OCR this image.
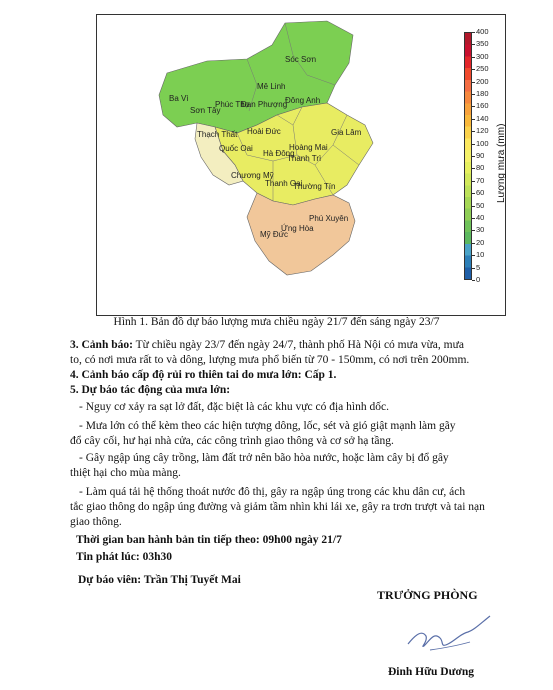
Sóc Sơn
Ba Vì
Mê Linh
Đông Anh
Phúc Thọ
Sơn Tây
Đan Phượng
Thạch Thất Hoài Đức	Gia Lâm
Quốc Oai
Hà Đông
Hoàng Mai
Thanh Trì
Chương Mỹ
Thanh Oai
Thường Tín
Phú Xuyên
Ứng Hòa
Mỹ Đức
400
350
300
250
200
180
160
140
120
100
90
80
70
60
50
40
30
20
10
5
0
Lượng mưa (mm)
Hình 1. Bản đồ dự báo lượng mưa chiều ngày 21/7 đến sáng ngày 23/7
3. Cảnh báo: Từ chiều ngày 23/7 đến ngày 24/7, thành phố Hà Nội có mưa vừa, mưa
to, có nơi mưa rất to và dông, lượng mưa phổ biến từ 70 - 150mm, có nơi trên 200mm.
4. Cảnh báo cấp độ rủi ro thiên tai do mưa lớn: Cấp 1.
5. Dự báo tác động của mưa lớn:
- Nguy cơ xảy ra sạt lở đất, đặc biệt là các khu vực có địa hình dốc.
- Mưa lớn có thể kèm theo các hiện tượng dông, lốc, sét và gió giật mạnh làm gãy
đổ cây cối, hư hại nhà cửa, các công trình giao thông và cơ sở hạ tầng.
- Gây ngập úng cây trồng, làm đất trở nên bão hòa nước, hoặc làm cây bị đổ gây
thiệt hại cho mùa màng.
- Làm quá tải hệ thống thoát nước đô thị, gây ra ngập úng trong các khu dân cư, ách
tắc giao thông do ngập úng đường và giảm tầm nhìn khi lái xe, gây ra trơn trượt và tai nạn
giao thông.
Thời gian ban hành bản tin tiếp theo: 09h00 ngày 21/7
Tin phát lúc: 03h30
Dự báo viên: Trần Thị Tuyết Mai
TRƯỞNG PHÒNG
Đinh Hữu Dương
